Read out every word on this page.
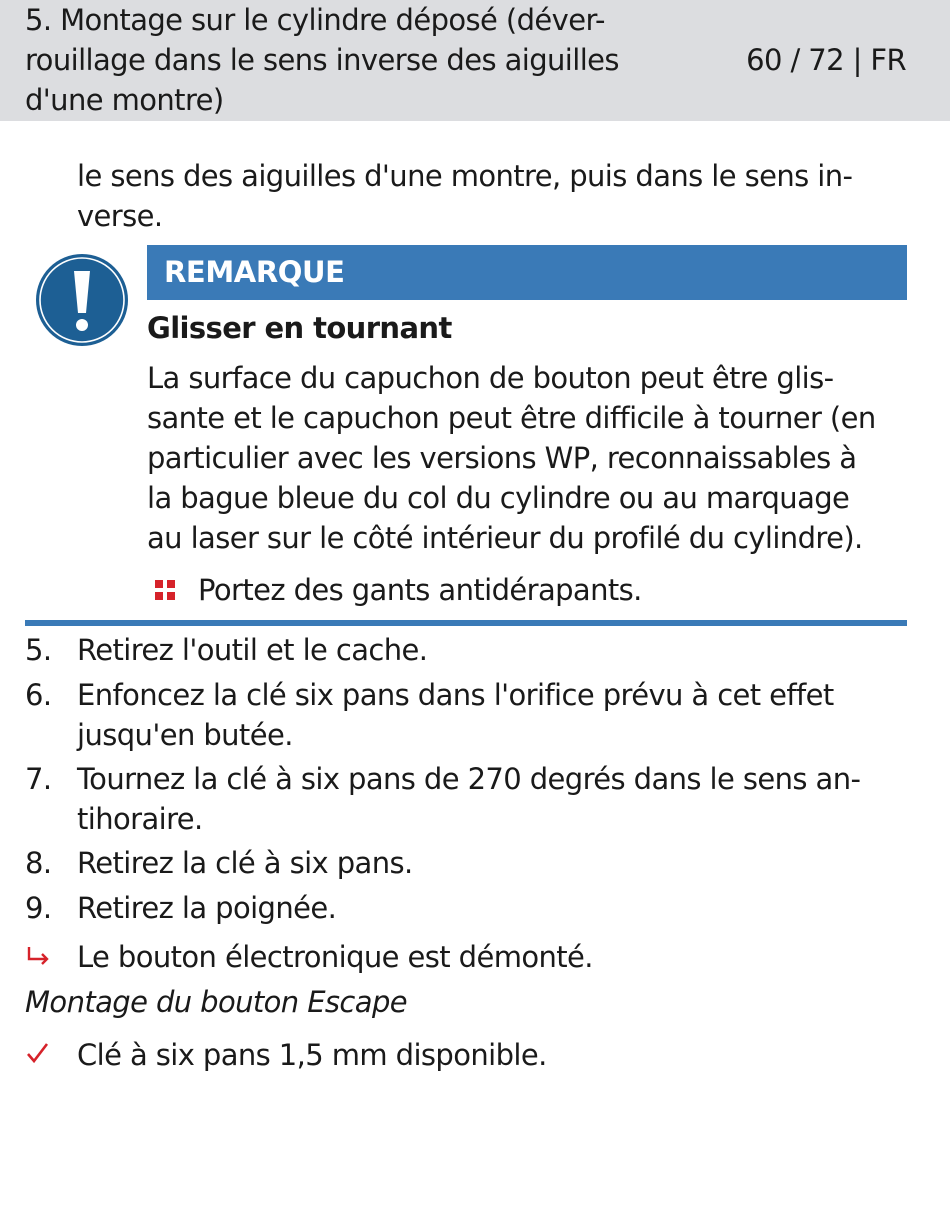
5. Montage sur le cylindre déposé (déver-
rouillage dans le sens inverse des aiguilles
d'une montre)
60 / 72 | FR
le sens des aiguilles d'une montre, puis dans le sens in-
verse.
REMARQUE
Glisser en tournant
La surface du capuchon de bouton peut être glis-
sante et le capuchon peut être difficile à tourner (en
particulier avec les versions WP, reconnaissables à
la bague bleue du col du cylindre ou au marquage
au laser sur le côté intérieur du profilé du cylindre).
Portez des gants antidérapants.
5. Retirez l'outil et le cache.
6. Enfoncez la clé six pans dans l'orifice prévu à cet effet
jusqu'en butée.
7. Tournez la clé à six pans de 270 degrés dans le sens an-
tihoraire.
8. Retirez la clé à six pans.
9. Retirez la poignée.
Le bouton électronique est démonté.
Montage du bouton Escape
Clé à six pans 1,5 mm disponible.
